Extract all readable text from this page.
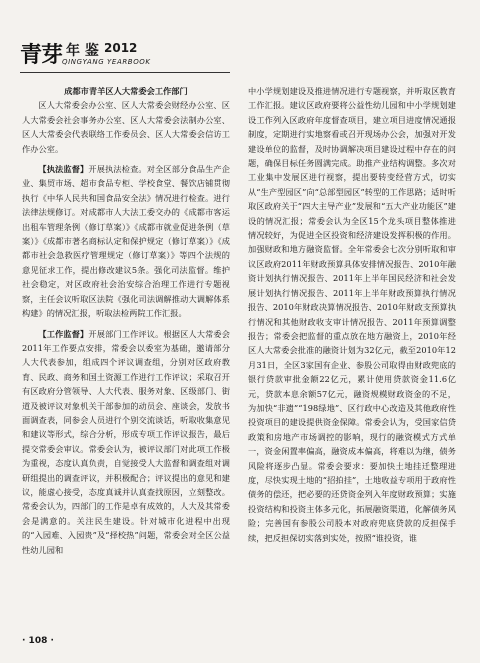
青芽 年 鉴 2012
QINGYANG YEARBOOK

成都市青羊区人大常委会工作部门

区人大常委会办公室、区人大常委会财经办公室、区人大常委会社会事务办公室、区人大常委会法制办公室、区人大常委会代表联络工作委员会、区人大常委会信访工作办公室。

【执法监督】开展执法检查。对全区部分食品生产企业、集贸市场、超市食品专柜、学校食堂、餐饮店铺贯彻执行《中华人民共和国食品安全法》情况进行检查。进行法律法规修订。对成都市人大法工委交办的《成都市客运出租车管理条例（修订草案）》《成都市就业促进条例（草案）》《成都市著名商标认定和保护规定（修订草案）》《成都市社会急救医疗管理规定（修订草案）》等四个法规的意见征求工作，提出修改建议5条。强化司法监督。维护社会稳定，对区政府社会治安综合治理工作进行专题视察，主任会议听取区法院《强化司法调解推动大调解体系构建》的情况汇报，听取法检两院工作汇报。

【工作监督】开展部门工作评议。根据区人大常委会2011年工作要点安排，常委会以委室为基础，邀请部分人大代表参加，组成四个评议调查组，分别对区政府教育、民政、商务和国土资源工作进行工作评议；采取召开有区政府分管领导、人大代表、服务对象、区级部门、街道及被评议对象机关干部参加的动员会、座谈会，发放书面调查表，同参会人员进行个别交流谈话，听取收集意见和建议等形式，综合分析，形成专项工作评议报告，最后提交常委会审议。常委会认为，被评议部门对此项工作极为重视，态度认真负责，自觉接受人大监督和调查组对调研组提出的调查评议，并积极配合；评议提出的意见和建议，能虚心接受，态度真诚并认真查找原因，立刻整改。常委会认为，四部门的工作是卓有成效的，人大及其常委会是满意的。关注民生建设。针对城市化进程中出现的“入园难、入园贵”及“择校热”问题，常委会对全区公益性幼儿园和

中小学规划建设及推进情况进行专题视察，并听取区教育工作汇报。建议区政府要将公益性幼儿园和中小学规划建设工作列入区政府年度督查项目，建立项目进度情况通报制度，定期进行实地察看或召开现场办公会，加强对开发建设单位的监督，及时协调解决项目建设过程中存在的问题，确保目标任务圆满完成。助推产业结构调整。多次对工业集中发展区进行视察，提出要转变经营方式，切实从“生产型园区”向“总部型园区”转型的工作思路；适时听取区政府关于“四大主导产业”发展和“五大产业功能区”建设的情况汇报；常委会认为全区15个龙头项目整体推进情况较好，为促进全区投资和经济建设发挥积极的作用。加强财政和地方融资监督。全年常委会七次分别听取和审议区政府2011年财政预算具体安排情况报告、2010年融资计划执行情况报告、2011年上半年国民经济和社会发展计划执行情况报告、2011年上半年财政预算执行情况报告、2010年财政决算情况报告、2010年财政支预算执行情况和其他财政收支审计情况报告、2011年预算调整报告；常委会把监督的重点放在地方融资上，2010年经区人大常委会批准的融资计划为32亿元，截至2010年12月31日，全区3家国有企业、参股公司取得由财政兜底的银行贷款审批金额22亿元，累计使用贷款资金11.6亿元，贷款本息余额57亿元，融资规模财政资金的不足，为加快“非遗”“198绿地”、区行政中心改造及其他政府性投资项目的建设提供资金保障。常委会认为，受国家信贷政策和房地产市场调控的影响，现行的融资模式方式单一，资金闲置率偏高，融资成本偏高，将难以为继，债务风险将逐步凸显。常委会要求：要加快土地挂迁整理进度，尽快实现土地的“招拍挂”，土地收益专项用于政府性债务的偿还，把必要的还贷资金列入年度财政预算；实施投资结构和投资主体多元化，拓展融资渠道，化解债务风险；完善国有参股公司股本对政府兜底贷款的反担保手续，把反担保切实落到实处，按照“谁投资，谁

· 108 ·
